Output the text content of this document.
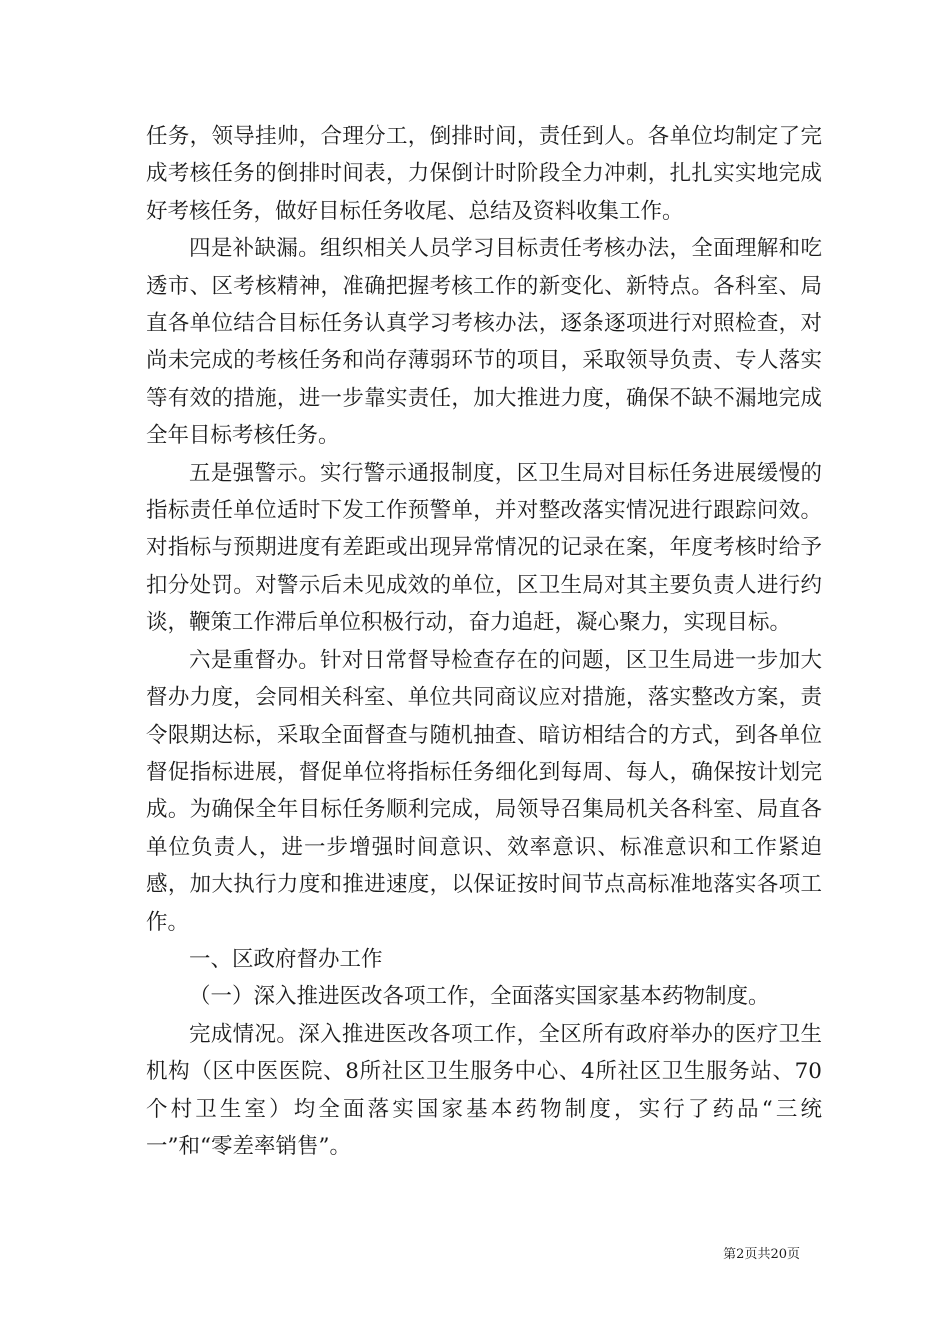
任务，领导挂帅，合理分工，倒排时间，责任到人。各单位均制定了完成考核任务的倒排时间表，力保倒计时阶段全力冲刺，扎扎实实地完成好考核任务，做好目标任务收尾、总结及资料收集工作。

四是补缺漏。组织相关人员学习目标责任考核办法，全面理解和吃透市、区考核精神，准确把握考核工作的新变化、新特点。各科室、局直各单位结合目标任务认真学习考核办法，逐条逐项进行对照检查，对尚未完成的考核任务和尚存薄弱环节的项目，采取领导负责、专人落实等有效的措施，进一步靠实责任，加大推进力度，确保不缺不漏地完成全年目标考核任务。

五是强警示。实行警示通报制度，区卫生局对目标任务进展缓慢的指标责任单位适时下发工作预警单，并对整改落实情况进行跟踪问效。对指标与预期进度有差距或出现异常情况的记录在案，年度考核时给予扣分处罚。对警示后未见成效的单位，区卫生局对其主要负责人进行约谈，鞭策工作滞后单位积极行动，奋力追赶，凝心聚力，实现目标。

六是重督办。针对日常督导检查存在的问题，区卫生局进一步加大督办力度，会同相关科室、单位共同商议应对措施，落实整改方案，责令限期达标，采取全面督查与随机抽查、暗访相结合的方式，到各单位督促指标进展，督促单位将指标任务细化到每周、每人，确保按计划完成。为确保全年目标任务顺利完成，局领导召集局机关各科室、局直各单位负责人，进一步增强时间意识、效率意识、标准意识和工作紧迫感，加大执行力度和推进速度，以保证按时间节点高标准地落实各项工作。

一、区政府督办工作

（一）深入推进医改各项工作，全面落实国家基本药物制度。

完成情况。深入推进医改各项工作，全区所有政府举办的医疗卫生机构（区中医医院、8所社区卫生服务中心、4所社区卫生服务站、70个村卫生室）均全面落实国家基本药物制度，实行了药品“三统一”和“零差率销售”。

第2页共20页
